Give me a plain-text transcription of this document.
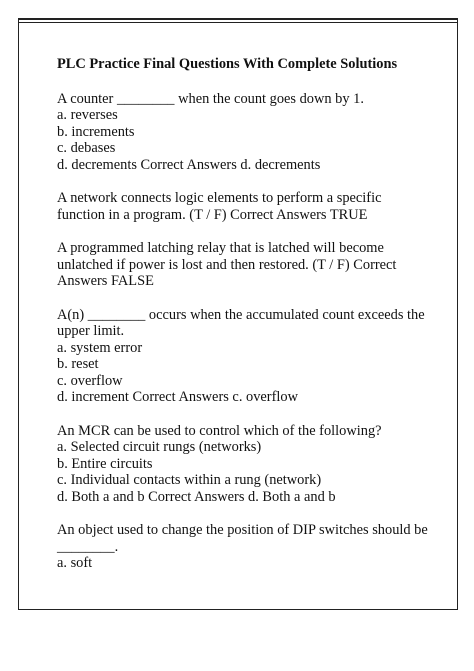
PLC Practice Final Questions With Complete Solutions
A counter ________ when the count goes down by 1.
a. reverses
b. increments
c. debases
d. decrements Correct Answers d. decrements
A network connects logic elements to perform a specific
function in a program. (T / F) Correct Answers TRUE
A programmed latching relay that is latched will become
unlatched if power is lost and then restored. (T / F) Correct
Answers FALSE
A(n) ________ occurs when the accumulated count exceeds the
upper limit.
a. system error
b. reset
c. overflow
d. increment Correct Answers c. overflow
An MCR can be used to control which of the following?
a. Selected circuit rungs (networks)
b. Entire circuits
c. Individual contacts within a rung (network)
d. Both a and b Correct Answers d. Both a and b
An object used to change the position of DIP switches should be
________.
a. soft
